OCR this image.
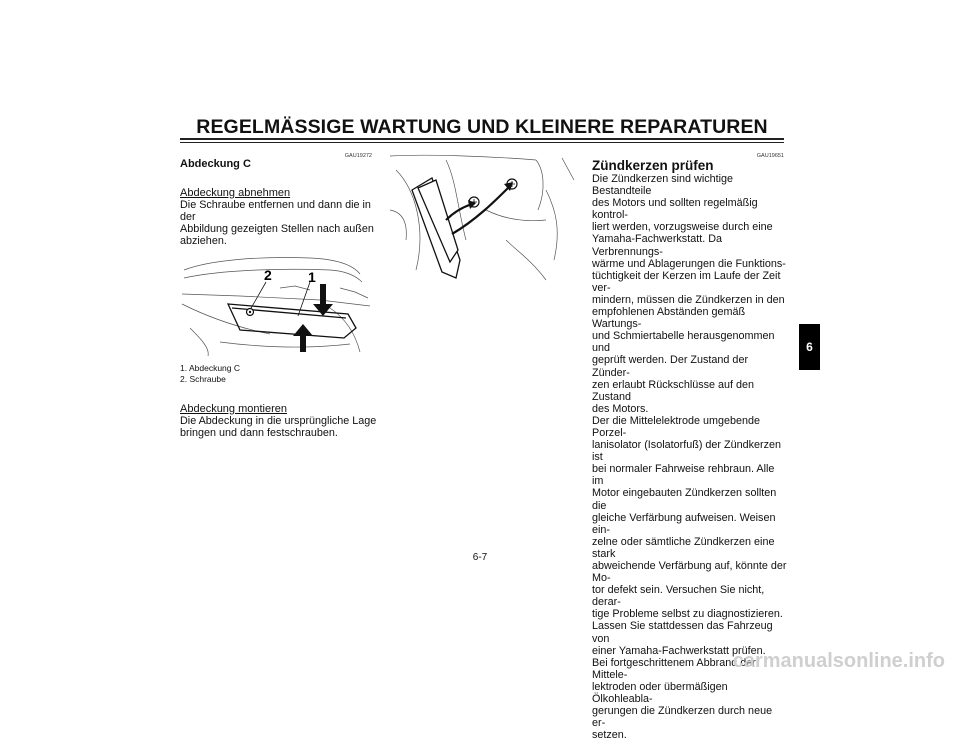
REGELMÄSSIGE WARTUNG UND KLEINERE REPARATUREN
GAU19272
Abdeckung C
Abdeckung abnehmen
Die Schraube entfernen und dann die in der
Abbildung gezeigten Stellen nach außen
abziehen.
2	1
1. Abdeckung C
2. Schraube
Abdeckung montieren
Die Abdeckung in die ursprüngliche Lage
bringen und dann festschrauben.
GAU19651
Zündkerzen prüfen
Die Zündkerzen sind wichtige Bestandteile
des Motors und sollten regelmäßig kontrol-
liert werden, vorzugsweise durch eine
Yamaha-Fachwerkstatt. Da Verbrennungs-
wärme und Ablagerungen die Funktions-
tüchtigkeit der Kerzen im Laufe der Zeit ver-
mindern, müssen die Zündkerzen in den
empfohlenen Abständen gemäß Wartungs-
und Schmiertabelle herausgenommen und
geprüft werden. Der Zustand der Zünder-
zen erlaubt Rückschlüsse auf den Zustand
des Motors.
Der die Mittelelektrode umgebende Porzel-
lanisolator (Isolatorfuß) der Zündkerzen ist
bei normaler Fahrweise rehbraun. Alle im
Motor eingebauten Zündkerzen sollten die
gleiche Verfärbung aufweisen. Weisen ein-
zelne oder sämtliche Zündkerzen eine stark
abweichende Verfärbung auf, könnte der Mo-
tor defekt sein. Versuchen Sie nicht, derar-
tige Probleme selbst zu diagnostizieren.
Lassen Sie stattdessen das Fahrzeug von
einer Yamaha-Fachwerkstatt prüfen.
Bei fortgeschrittenem Abbrand der Mittele-
lektroden oder übermäßigen Ölkohleabla-
gerungen die Zündkerzen durch neue er-
setzen.
6
6-7
carmanualsonline.info
